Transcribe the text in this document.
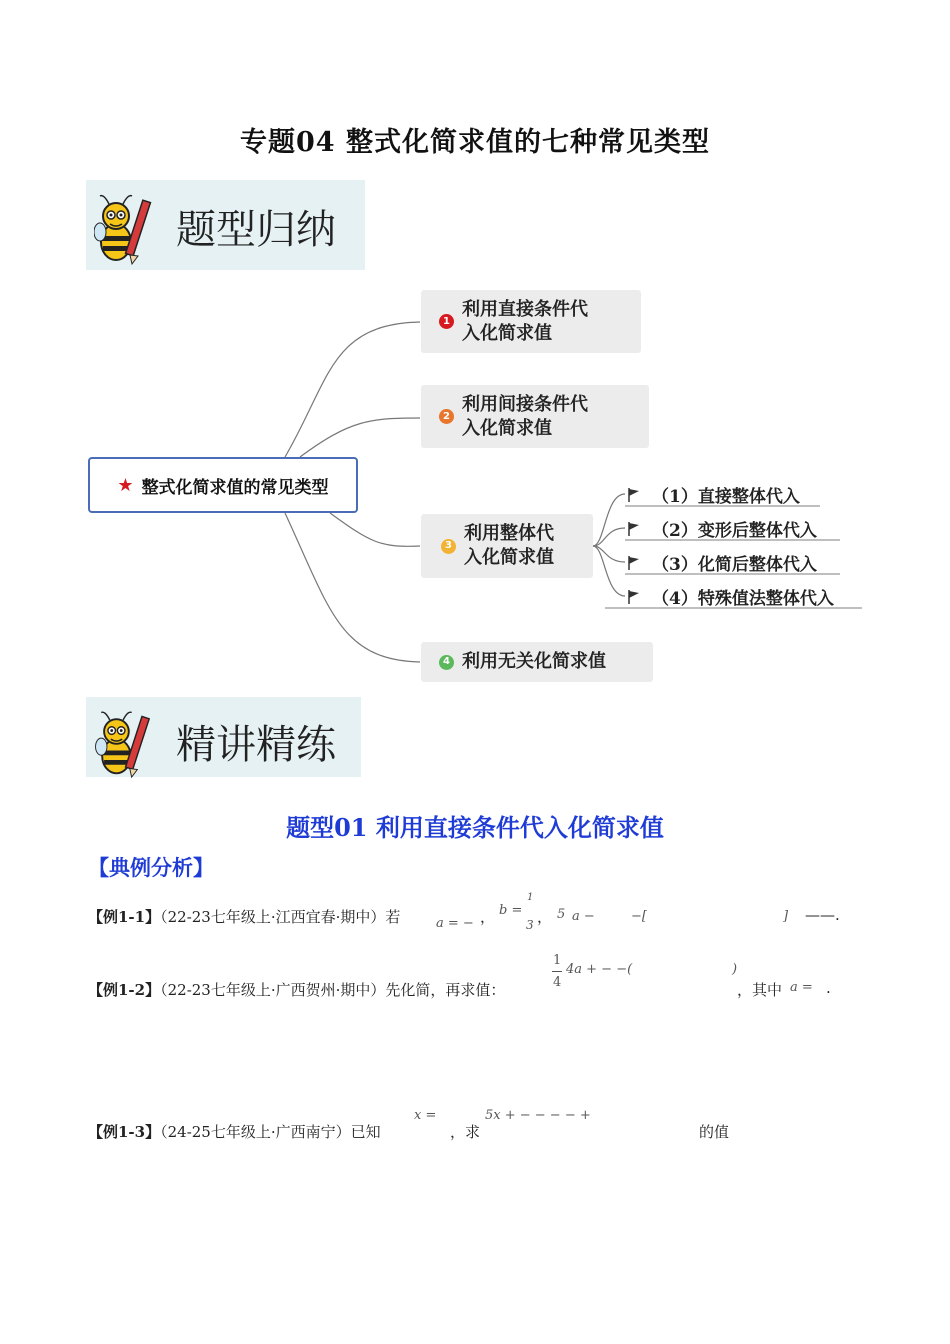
专题04 整式化简求值的七种常见类型
题型归纳
★ 整式化简求值的常见类型
1
利用直接条件代
入化简求值
2
利用间接条件代
入化简求值
3
利用整体代
入化简求值
4 利用无关化简求值
（1）直接整体代入
（2）变形后整体代入
（3）化简后整体代入
（4）特殊值法整体代入
精讲精练
题型01 利用直接条件代入化简求值
【典例分析】
【例1-1】（22-23七年级上·江西宜春·期中）若	a = − ， b =
1
3 ， 5 a −	−[	] ——.
【例1-2】（22-23七年级上·广西贺州·期中）先化简，再求值：
1
4
4a + − −(	)
，其中 a = .
【例1-3】（24-25七年级上·广西南宁）已知
x =
，求
5x + − − − − +
的值
